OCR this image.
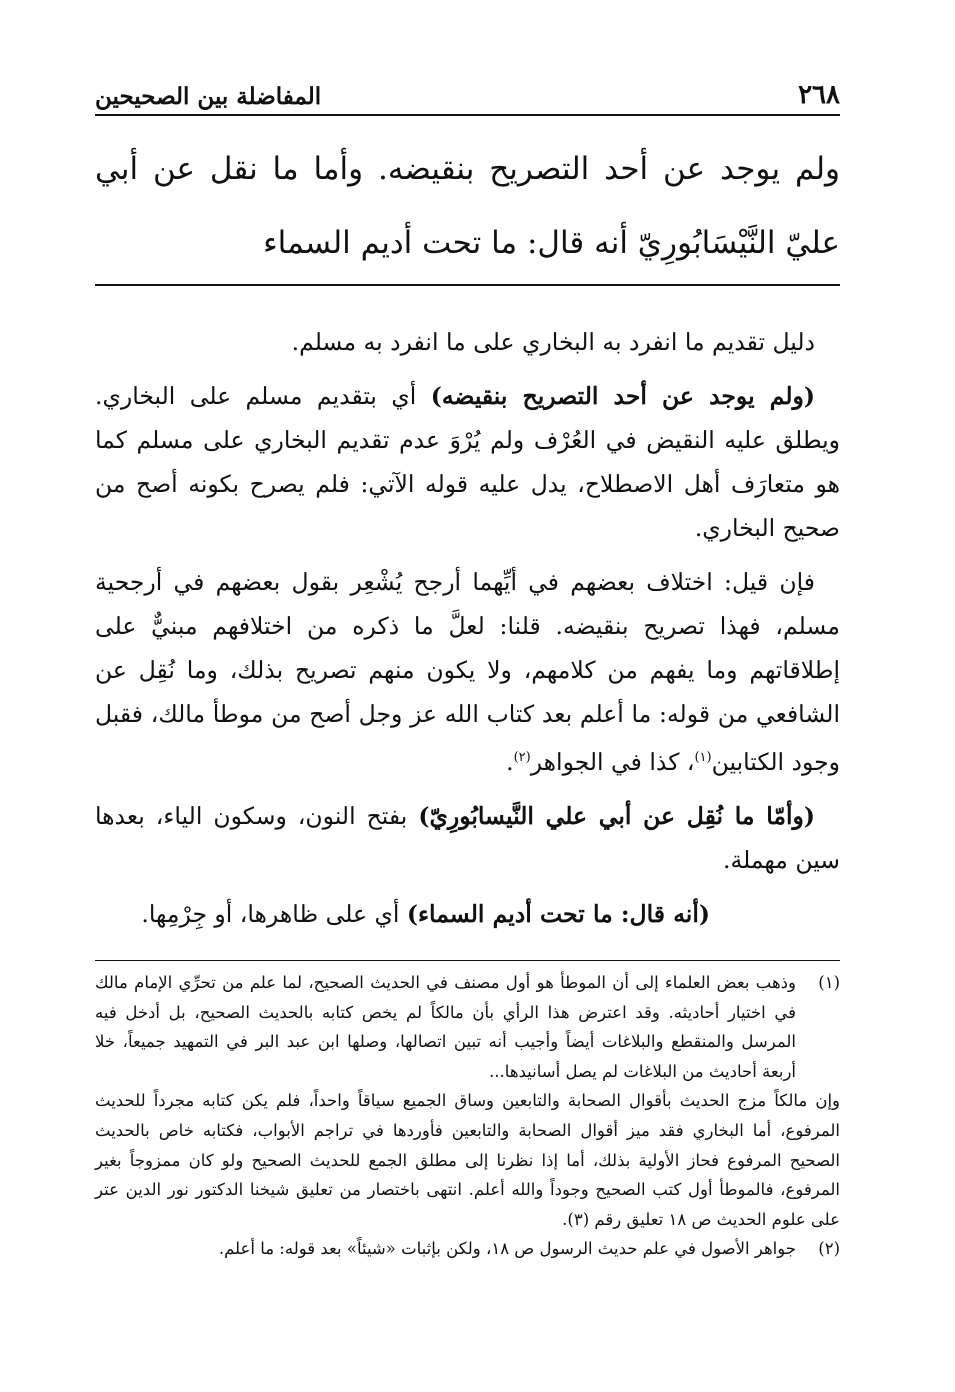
٢٦٨
المفاضلة بين الصحيحين
ولم يوجد عن أحد التصريح بنقيضه. وأما ما نقل عن أبي عليّ النَّيْسَابُورِيّ أنه قال: ما تحت أديم السماء

دليل تقديم ما انفرد به البخاري على ما انفرد به مسلم.

(ولم يوجد عن أحد التصريح بنقيضه) أي بتقديم مسلم على البخاري. ويطلق عليه النقيض في العُرْف ولم يُرْوَ عدم تقديم البخاري على مسلم كما هو متعارَف أهل الاصطلاح، يدل عليه قوله الآتي: فلم يصرح بكونه أصح من صحيح البخاري.

فإن قيل: اختلاف بعضهم في أيِّهما أرجح يُشْعِر بقول بعضهم في أرجحية مسلم، فهذا تصريح بنقيضه. قلنا: لعلَّ ما ذكره من اختلافهم مبنيٌّ على إطلاقاتهم وما يفهم من كلامهم، ولا يكون منهم تصريح بذلك، وما نُقِل عن الشافعي من قوله: ما أعلم بعد كتاب الله عز وجل أصح من موطأ مالك، فقبل وجود الكتابين$^{(١)}$، كذا في الجواهر$^{(٢)}$.

(وأمّا ما نُقِل عن أبي علي النَّيسابُورِيّ) بفتح النون، وسكون الياء، بعدها سين مهملة.

(أنه قال: ما تحت أديم السماء) أي على ظاهرها، أو جِرْمِها.

(١)
وذهب بعض العلماء إلى أن الموطأ هو أول مصنف في الحديث الصحيح، لما علم من تحرِّي الإمام مالك في اختيار أحاديثه. وقد اعترض هذا الرأي بأن مالكاً لم يخص كتابه بالحديث الصحيح، بل أدخل فيه المرسل والمنقطع والبلاغات أيضاً وأجيب أنه تبين اتصالها، وصلها ابن عبد البر في التمهيد جميعاً، خلا أربعة أحاديث من البلاغات لم يصل أسانيدها...

وإن مالكاً مزج الحديث بأقوال الصحابة والتابعين وساق الجميع سياقاً واحداً، فلم يكن كتابه مجرداً للحديث المرفوع، أما البخاري فقد ميز أقوال الصحابة والتابعين فأوردها في تراجم الأبواب، فكتابه خاص بالحديث الصحيح المرفوع فحاز الأولية بذلك، أما إذا نظرنا إلى مطلق الجمع للحديث الصحيح ولو كان ممزوجاً بغير المرفوع، فالموطأ أول كتب الصحيح وجوداً والله أعلم. انتهى باختصار من تعليق شيخنا الدكتور نور الدين عتر على علوم الحديث ص ١٨ تعليق رقم (٣).

(٢)
جواهر الأصول في علم حديث الرسول ص ١٨، ولكن بإثبات «شيئاً» بعد قوله: ما أعلم.
